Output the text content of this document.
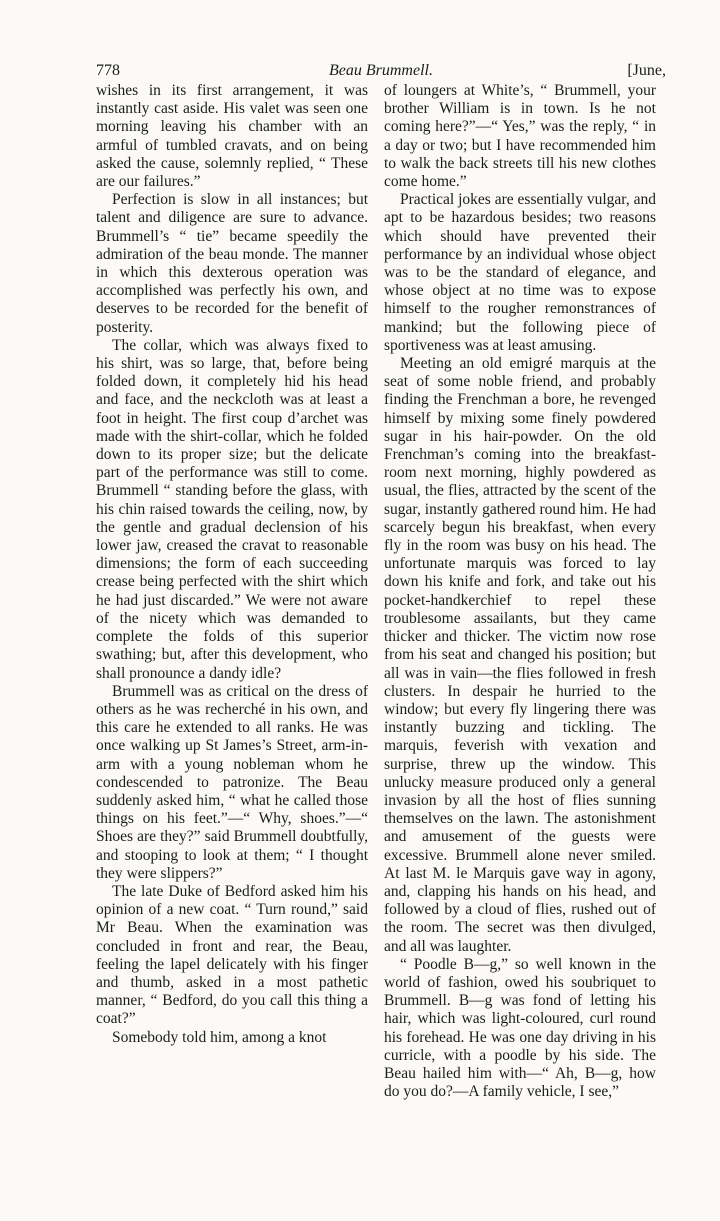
778	Beau Brummell.	[June,

wishes in its first arrangement, it was instantly cast aside. His valet was seen one morning leaving his chamber with an armful of tumbled cravats, and on being asked the cause, solemnly replied, “ These are our failures.”

Perfection is slow in all instances; but talent and diligence are sure to advance. Brummell’s “ tie” became speedily the admiration of the beau monde. The manner in which this dexterous operation was accomplished was perfectly his own, and deserves to be recorded for the benefit of posterity.

The collar, which was always fixed to his shirt, was so large, that, before being folded down, it completely hid his head and face, and the neckcloth was at least a foot in height. The first coup d’archet was made with the shirt-collar, which he folded down to its proper size; but the delicate part of the performance was still to come. Brummell “ standing before the glass, with his chin raised towards the ceiling, now, by the gentle and gradual declension of his lower jaw, creased the cravat to reasonable dimensions; the form of each succeeding crease being perfected with the shirt which he had just discarded.” We were not aware of the nicety which was demanded to complete the folds of this superior swathing; but, after this development, who shall pronounce a dandy idle?

Brummell was as critical on the dress of others as he was recherché in his own, and this care he extended to all ranks. He was once walking up St James’s Street, arm-in-arm with a young nobleman whom he condescended to patronize. The Beau suddenly asked him, “ what he called those things on his feet.”—“ Why, shoes.”—“ Shoes are they?” said Brummell doubtfully, and stooping to look at them; “ I thought they were slippers?”

The late Duke of Bedford asked him his opinion of a new coat. “ Turn round,” said Mr Beau. When the examination was concluded in front and rear, the Beau, feeling the lapel delicately with his finger and thumb, asked in a most pathetic manner, “ Bedford, do you call this thing a coat?”

Somebody told him, among a knot

of loungers at White’s, “ Brummell, your brother William is in town. Is he not coming here?”—“ Yes,” was the reply, “ in a day or two; but I have recommended him to walk the back streets till his new clothes come home.”

Practical jokes are essentially vulgar, and apt to be hazardous besides; two reasons which should have prevented their performance by an individual whose object was to be the standard of elegance, and whose object at no time was to expose himself to the rougher remonstrances of mankind; but the following piece of sportiveness was at least amusing.

Meeting an old emigré marquis at the seat of some noble friend, and probably finding the Frenchman a bore, he revenged himself by mixing some finely powdered sugar in his hair-powder. On the old Frenchman’s coming into the breakfast-room next morning, highly powdered as usual, the flies, attracted by the scent of the sugar, instantly gathered round him. He had scarcely begun his breakfast, when every fly in the room was busy on his head. The unfortunate marquis was forced to lay down his knife and fork, and take out his pocket-handkerchief to repel these troublesome assailants, but they came thicker and thicker. The victim now rose from his seat and changed his position; but all was in vain—the flies followed in fresh clusters. In despair he hurried to the window; but every fly lingering there was instantly buzzing and tickling. The marquis, feverish with vexation and surprise, threw up the window. This unlucky measure produced only a general invasion by all the host of flies sunning themselves on the lawn. The astonishment and amusement of the guests were excessive. Brummell alone never smiled. At last M. le Marquis gave way in agony, and, clapping his hands on his head, and followed by a cloud of flies, rushed out of the room. The secret was then divulged, and all was laughter.

“ Poodle B—g,” so well known in the world of fashion, owed his soubriquet to Brummell. B—g was fond of letting his hair, which was light-coloured, curl round his forehead. He was one day driving in his curricle, with a poodle by his side. The Beau hailed him with—“ Ah, B—g, how do you do?—A family vehicle, I see,”
